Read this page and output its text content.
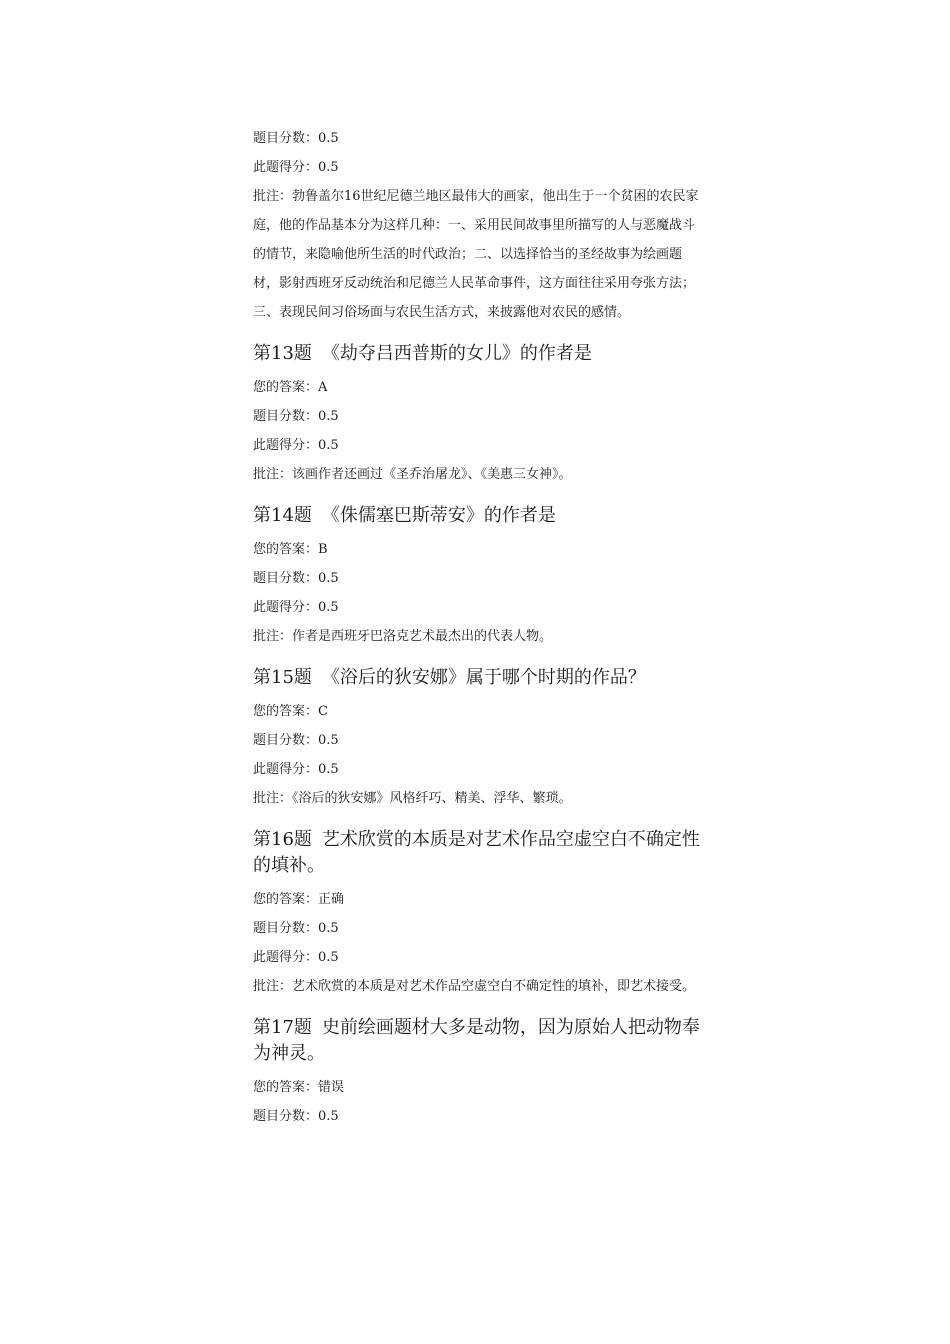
题目分数：0.5
此题得分：0.5
批注：勃鲁盖尔16世纪尼德兰地区最伟大的画家，他出生于一个贫困的农民家庭，他的作品基本分为这样几种：一、采用民间故事里所描写的人与恶魔战斗的情节，来隐喻他所生活的时代政治；二、以选择恰当的圣经故事为绘画题材，影射西班牙反动统治和尼德兰人民革命事件，这方面往往采用夸张方法；三、表现民间习俗场面与农民生活方式，来披露他对农民的感情。
第13题 《劫夺吕西普斯的女儿》的作者是
您的答案：A
题目分数：0.5
此题得分：0.5
批注：该画作者还画过《圣乔治屠龙》、《美惠三女神》。
第14题 《侏儒塞巴斯蒂安》的作者是
您的答案：B
题目分数：0.5
此题得分：0.5
批注：作者是西班牙巴洛克艺术最杰出的代表人物。
第15题 《浴后的狄安娜》属于哪个时期的作品？
您的答案：C
题目分数：0.5
此题得分：0.5
批注：《浴后的狄安娜》风格纤巧、精美、浮华、繁琐。
第16题 艺术欣赏的本质是对艺术作品空虚空白不确定性的填补。
您的答案：正确
题目分数：0.5
此题得分：0.5
批注：艺术欣赏的本质是对艺术作品空虚空白不确定性的填补，即艺术接受。
第17题 史前绘画题材大多是动物，因为原始人把动物奉为神灵。
您的答案：错误
题目分数：0.5
